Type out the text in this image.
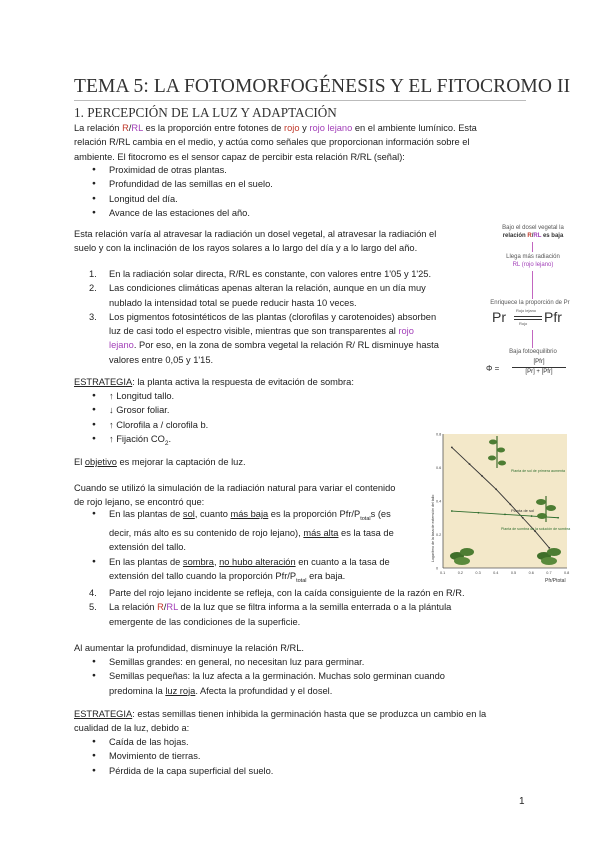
TEMA 5: LA FOTOMORFOGÉNESIS Y EL FITOCROMO II
1. PERCEPCIÓN DE LA LUZ Y ADAPTACIÓN
La relación R/RL es la proporción entre fotones de rojo y rojo lejano en el ambiente lumínico. Esta
relación R/RL cambia en el medio, y actúa como señales que proporcionan información sobre el
ambiente. El fitocromo es el sensor capaz de percibir esta relación R/RL (señal):
● Proximidad de otras plantas.
● Profundidad de las semillas en el suelo.
● Longitud del día.
● Avance de las estaciones del año.
Esta relación varía al atravesar la radiación un dosel vegetal, al atravesar la radiación el
suelo y con la inclinación de los rayos solares a lo largo del día y a lo largo del año.
1. En la radiación solar directa, R/RL es constante, con valores entre 1'05 y 1'25.
2. Las condiciones climáticas apenas alteran la relación, aunque en un día muy
nublado la intensidad total se puede reducir hasta 10 veces.
3. Los pigmentos fotosintéticos de las plantas (clorofilas y carotenoides) absorben
luz de casi todo el espectro visible, mientras que son transparentes al rojo
lejano. Por eso, en la zona de sombra vegetal la relación R/ RL disminuye hasta
valores entre 0,05 y 1'15.
ESTRATEGIA: la planta activa la respuesta de evitación de sombra:
● ↑ Longitud tallo.
● ↓ Grosor foliar.
● ↑ Clorofila a / clorofila b.
● ↑ Fijación $CO_2$.
El objetivo es mejorar la captación de luz.
Cuando se utilizó la simulación de la radiación natural para variar el contenido
de rojo lejano, se encontró que:
● En las plantas de sol, cuanto más baja es la proporción Pfr/$P_{total}s$ (es
decir, más alto es su contenido de rojo lejano), más alta es la tasa de
extensión del tallo.
● En las plantas de sombra, no hubo alteración en cuanto a la tasa de
extensión del tallo cuando la proporción Pfr/$P_{total}$ era baja.
4. Parte del rojo lejano incidente se refleja, con la caída consiguiente de la razón en R/R.
5. La relación R/RL de la luz que se filtra informa a la semilla enterrada o a la plántula
emergente de las condiciones de la superficie.
Al aumentar la profundidad, disminuye la relación R/RL.
● Semillas grandes: en general, no necesitan luz para germinar.
● Semillas pequeñas: la luz afecta a la germinación. Muchas solo germinan cuando
predomina la luz roja. Afecta la profundidad y el dosel.
ESTRATEGIA: estas semillas tienen inhibida la germinación hasta que se produzca un cambio en la
cualidad de la luz, debido a:
● Caída de las hojas.
● Movimiento de tierras.
● Pérdida de la capa superficial del suelo.
1
Bajo el dosel vegetal la
relación R/RL es baja
Llega más radiación
RL (rojo lejano)
Enriquece la proporción de Pr
Pr	Pfr
Rojo lejano
Rojo
Baja fotoequilibrio
Φ =
[Pfr]
[Pr] + [Pfr]
0.1	0.2	0.3	0.4	0.5	0.6	0.7	0.8
0.8
0.6
0.4
0.2
0
Planta de sol de primera aumenta
Planta de sol
Planta de sombra de la solución de sombra
Pfr/Ptotal
Logaritmo de la tasa de extensión del tallo
